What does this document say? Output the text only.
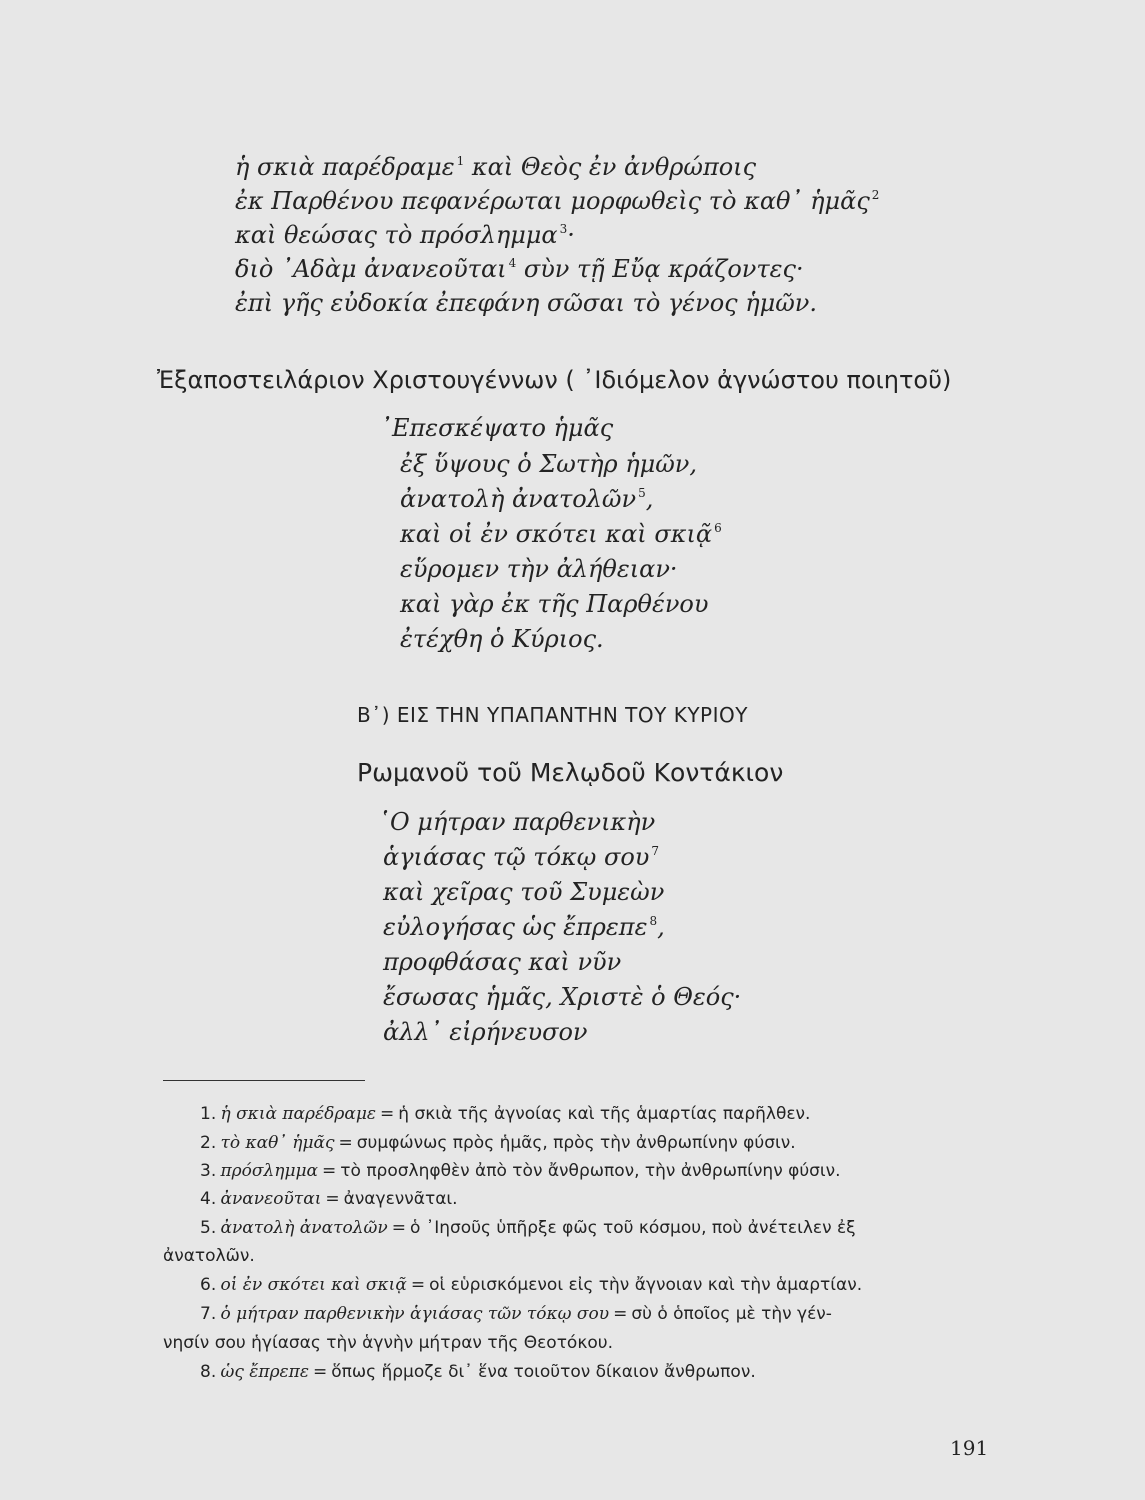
ἡ σκιὰ παρέδραμε $^1$ καὶ Θεὸς ἐν ἀνθρώποις
ἐκ Παρθένου πεφανέρωται μορφωθεὶς τὸ καθ᾽ ἡμᾶς $^2$
καὶ θεώσας τὸ πρόσλημμα $^3$·
διὸ ᾽Αδὰμ ἀνανεοῦται $^4$ σὺν τῇ Εὔᾳ κράζοντες·
ἐπὶ γῆς εὐδοκία ἐπεφάνη σῶσαι τὸ γένος ἡμῶν.
Ἐξαποστειλάριον Χριστουγέννων ( ᾽Ιδιόμελον ἀγνώστου ποιητοῦ)
᾽Επεσκέψατο ἡμᾶς
ἐξ ὕψους ὁ Σωτὴρ ἡμῶν,
ἀνατολὴ ἀνατολῶν $^5$,
καὶ οἱ ἐν σκότει καὶ σκιᾷ $^6$
εὕρομεν τὴν ἀλήθειαν·
καὶ γὰρ ἐκ τῆς Παρθένου
ἐτέχθη ὁ Κύριος.
Β᾽) ΕΙΣ ΤΗΝ ΥΠΑΠΑΝΤΗΝ ΤΟΥ ΚΥΡΙΟΥ
Ρωμανοῦ τοῦ Μελῳδοῦ Κοντάκιον
῾Ο μήτραν παρθενικὴν
ἁγιάσας τῷ τόκῳ σου $^7$
καὶ χεῖρας τοῦ Συμεὼν
εὐλογήσας ὡς ἔπρεπε $^8$,
προφθάσας καὶ νῦν
ἔσωσας ἡμᾶς, Χριστὲ ὁ Θεός·
ἀλλ᾽ εἰρήνευσον
1. ἡ σκιὰ παρέδραμε = ἡ σκιὰ τῆς ἀγνοίας καὶ τῆς ἁμαρτίας παρῆλθεν.
2. τὸ καθ᾽ ἡμᾶς = συμφώνως πρὸς ἡμᾶς, πρὸς τὴν ἀνθρωπίνην φύσιν.
3. πρόσλημμα = τὸ προσληφθὲν ἀπὸ τὸν ἄνθρωπον, τὴν ἀνθρωπίνην φύσιν.
4. ἀνανεοῦται = ἀναγεννᾶται.
5. ἀνατολὴ ἀνατολῶν = ὁ ᾽Ιησοῦς ὑπῆρξε φῶς τοῦ κόσμου, ποὺ ἀνέτειλεν ἐξ
ἀνατολῶν.
6. οἱ ἐν σκότει καὶ σκιᾷ = οἱ εὑρισκόμενοι εἰς τὴν ἄγνοιαν καὶ τὴν ἁμαρτίαν.
7. ὁ μήτραν παρθενικὴν ἁγιάσας τῶν τόκῳ σου = σὺ ὁ ὁποῖος μὲ τὴν γέν-
νησίν σου ἡγίασας τὴν ἁγνὴν μήτραν τῆς Θεοτόκου.
8. ὡς ἔπρεπε = ὅπως ἥρμοζε δι᾽ ἕνα τοιοῦτον δίκαιον ἄνθρωπον.
191
